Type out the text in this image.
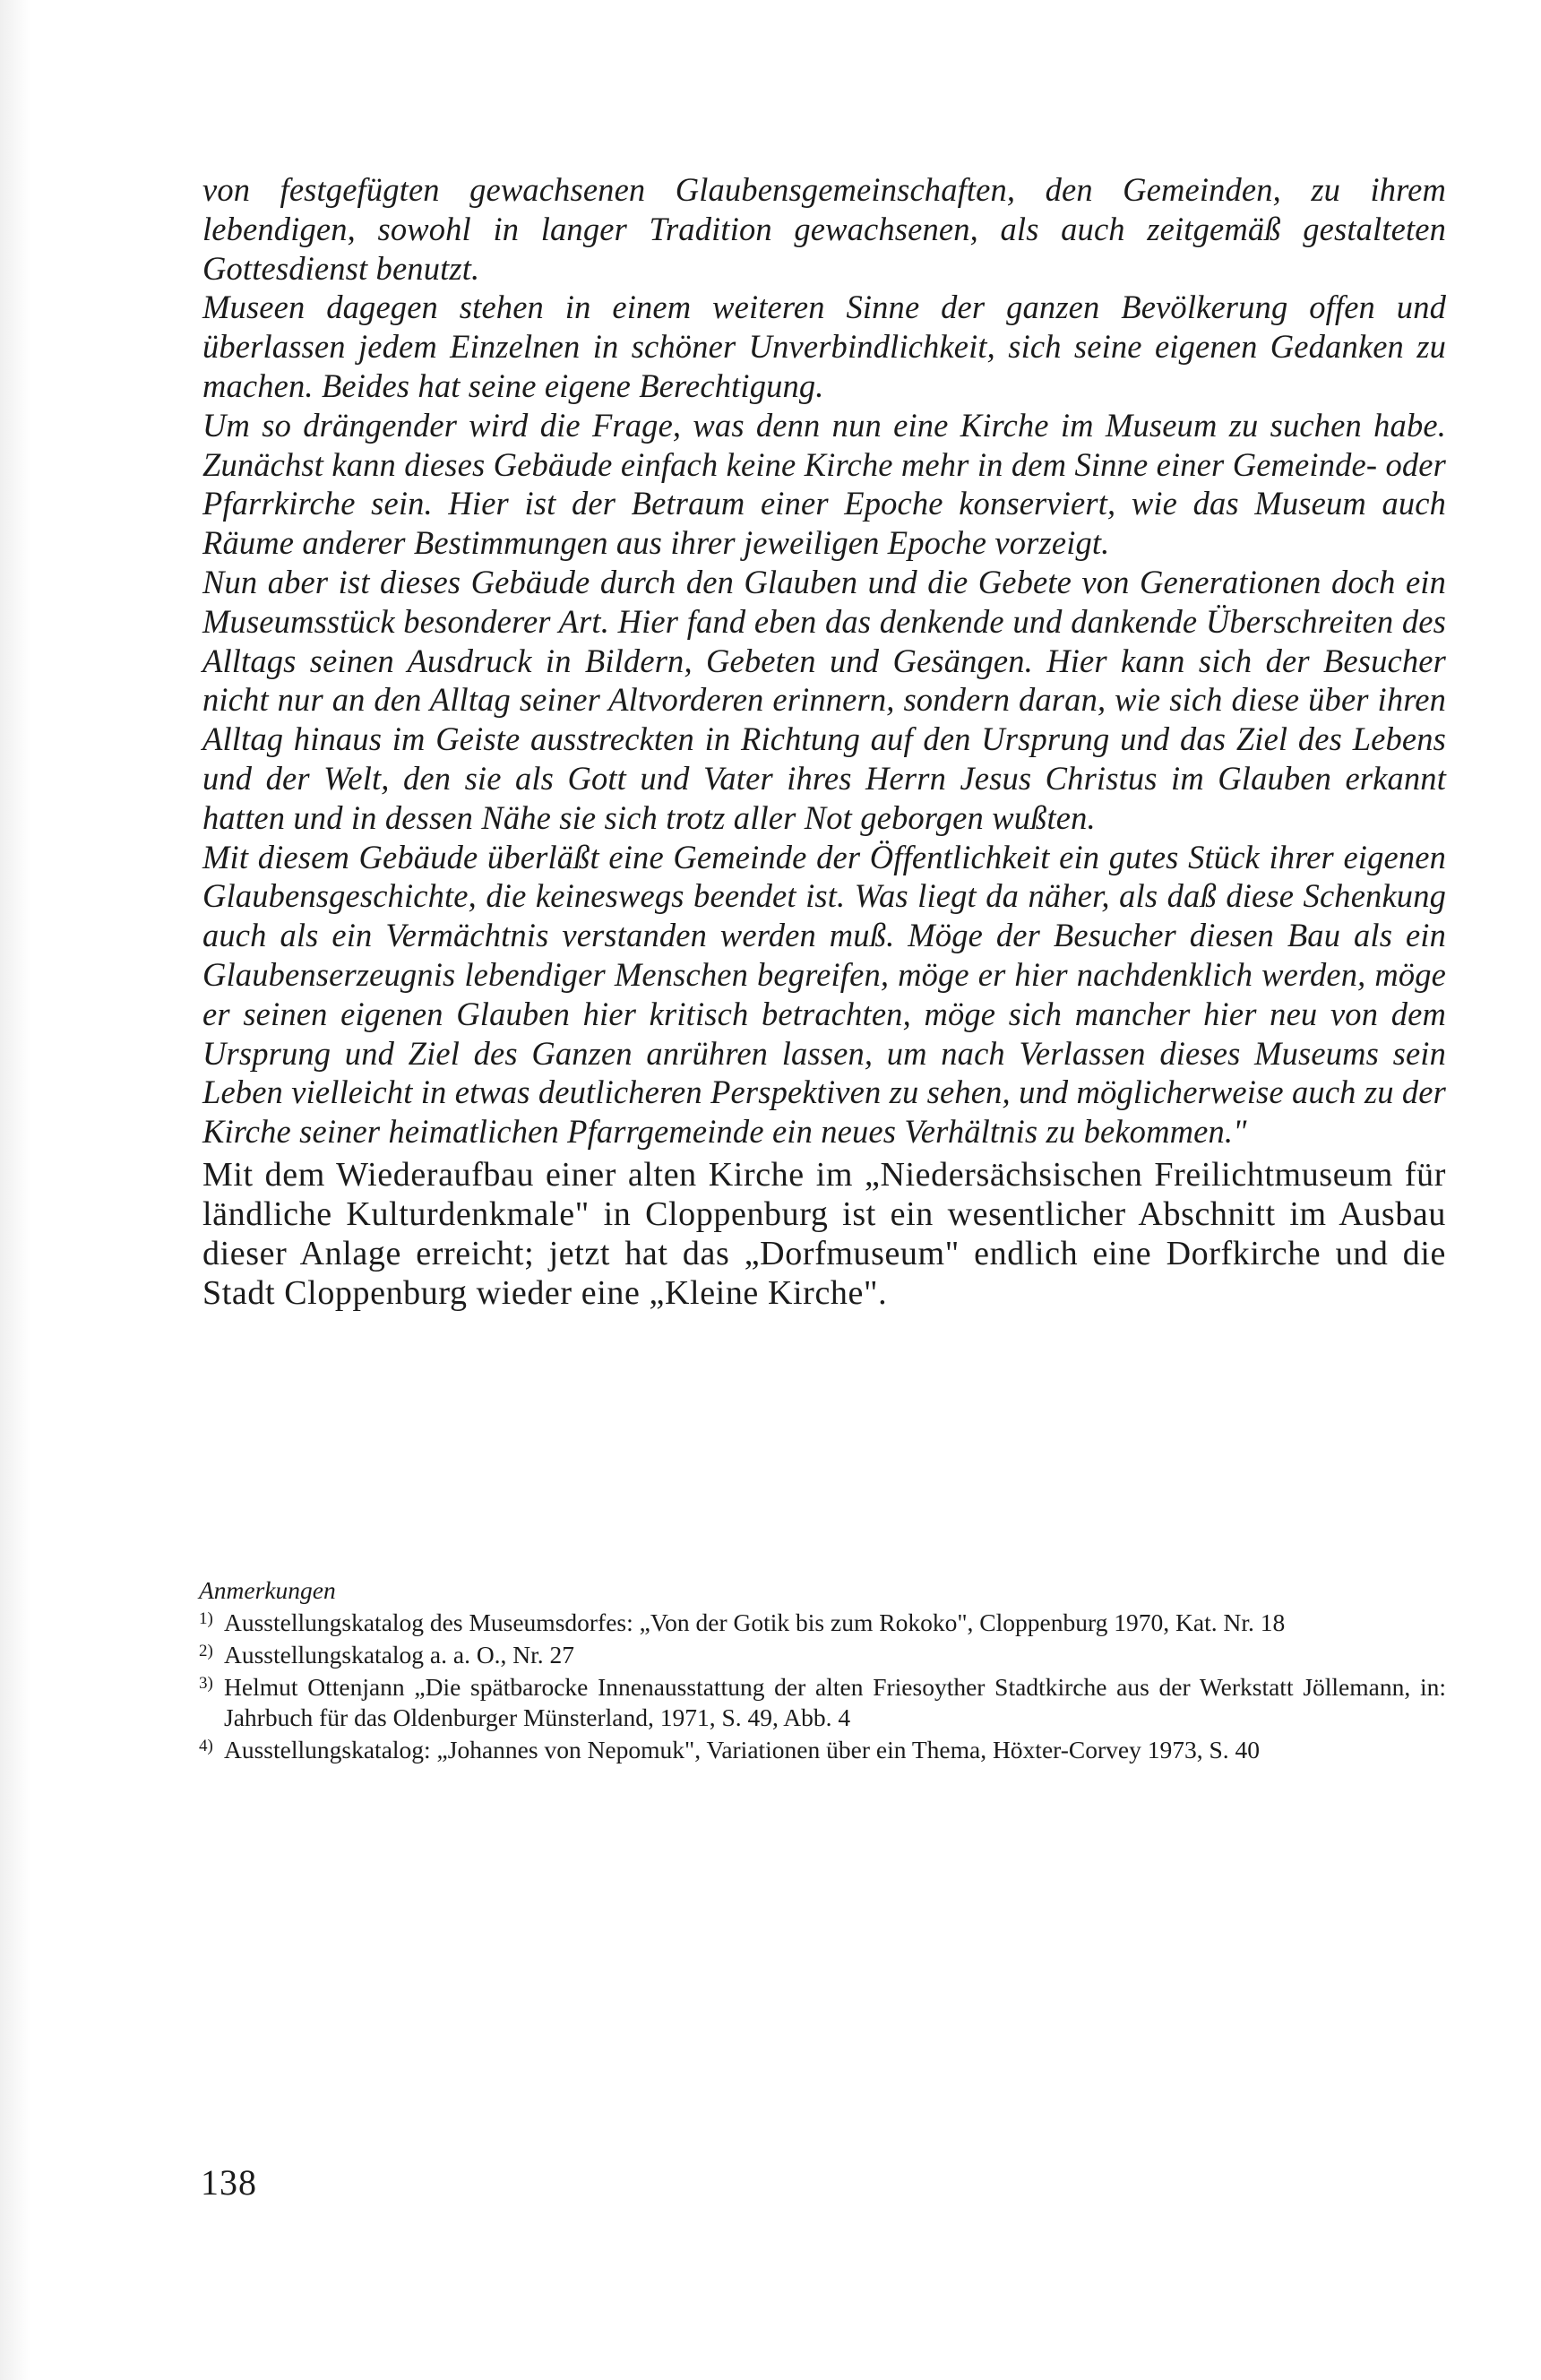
von festgefügten gewachsenen Glaubensgemeinschaften, den Gemeinden, zu ihrem lebendigen, sowohl in langer Tradition gewachsenen, als auch zeitgemäß gestalteten Gottesdienst benutzt.

Museen dagegen stehen in einem weiteren Sinne der ganzen Bevölkerung offen und überlassen jedem Einzelnen in schöner Unverbindlichkeit, sich seine eigenen Gedanken zu machen. Beides hat seine eigene Berechtigung.

Um so drängender wird die Frage, was denn nun eine Kirche im Museum zu suchen habe. Zunächst kann dieses Gebäude einfach keine Kirche mehr in dem Sinne einer Gemeinde- oder Pfarrkirche sein. Hier ist der Betraum einer Epoche konserviert, wie das Museum auch Räume anderer Bestimmungen aus ihrer jeweiligen Epoche vorzeigt.

Nun aber ist dieses Gebäude durch den Glauben und die Gebete von Generationen doch ein Museumsstück besonderer Art. Hier fand eben das denkende und dankende Überschreiten des Alltags seinen Ausdruck in Bildern, Gebeten und Gesängen. Hier kann sich der Besucher nicht nur an den Alltag seiner Altvorderen erinnern, sondern daran, wie sich diese über ihren Alltag hinaus im Geiste ausstreckten in Richtung auf den Ursprung und das Ziel des Lebens und der Welt, den sie als Gott und Vater ihres Herrn Jesus Christus im Glauben erkannt hatten und in dessen Nähe sie sich trotz aller Not geborgen wußten.

Mit diesem Gebäude überläßt eine Gemeinde der Öffentlichkeit ein gutes Stück ihrer eigenen Glaubensgeschichte, die keineswegs beendet ist. Was liegt da näher, als daß diese Schenkung auch als ein Vermächtnis verstanden werden muß. Möge der Besucher diesen Bau als ein Glaubenserzeugnis lebendiger Menschen begreifen, möge er hier nachdenklich werden, möge er seinen eigenen Glauben hier kritisch betrachten, möge sich mancher hier neu von dem Ursprung und Ziel des Ganzen anrühren lassen, um nach Verlassen dieses Museums sein Leben vielleicht in etwas deutlicheren Perspektiven zu sehen, und möglicherweise auch zu der Kirche seiner heimatlichen Pfarrgemeinde ein neues Verhältnis zu bekommen."

Mit dem Wiederaufbau einer alten Kirche im „Niedersächsischen Freilichtmuseum für ländliche Kulturdenkmale" in Cloppenburg ist ein wesentlicher Abschnitt im Ausbau dieser Anlage erreicht; jetzt hat das „Dorfmuseum" endlich eine Dorfkirche und die Stadt Cloppenburg wieder eine „Kleine Kirche".

Anmerkungen
1) Ausstellungskatalog des Museumsdorfes: „Von der Gotik bis zum Rokoko", Cloppenburg 1970, Kat. Nr. 18
2) Ausstellungskatalog a. a. O., Nr. 27
3) Helmut Ottenjann „Die spätbarocke Innenausstattung der alten Friesoyther Stadtkirche aus der Werkstatt Jöllemann, in: Jahrbuch für das Oldenburger Münsterland, 1971, S. 49, Abb. 4
4) Ausstellungskatalog: „Johannes von Nepomuk", Variationen über ein Thema, Höxter-Corvey 1973, S. 40
138
